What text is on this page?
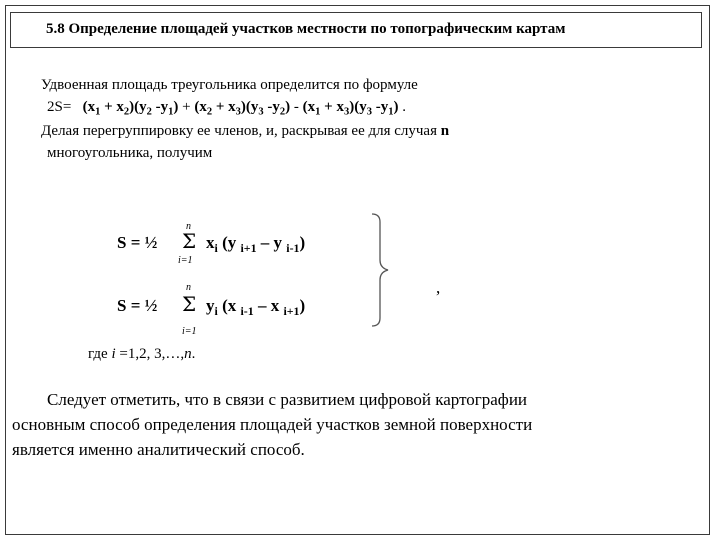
5.8 Определение площадей участков местности по топографическим картам
Удвоенная площадь треугольника определится по формуле
$2S= (x_1 + x_2)(y_2$ $-y_1) + (x_2 + x_3)(y_3$ $-y_2) - (x_1 + x_3)(y_3$ $-y_1$) .
Делая перегруппировку ее членов, и, раскрывая ее для случая n
многоугольника, получим
n
S = ½ Σ $x_i$ (y $_{i+1}$ – y $_{i-1}$)
i=1
n
S = ½ Σ $y_i$ (x $_{i-1}$ – x $_{i+1}$)
i=1
,
где i =1,2, 3,…,n.
Следует отметить, что в связи с развитием цифровой картографии
основным способ определения площадей участков земной поверхности
является именно аналитический способ.
